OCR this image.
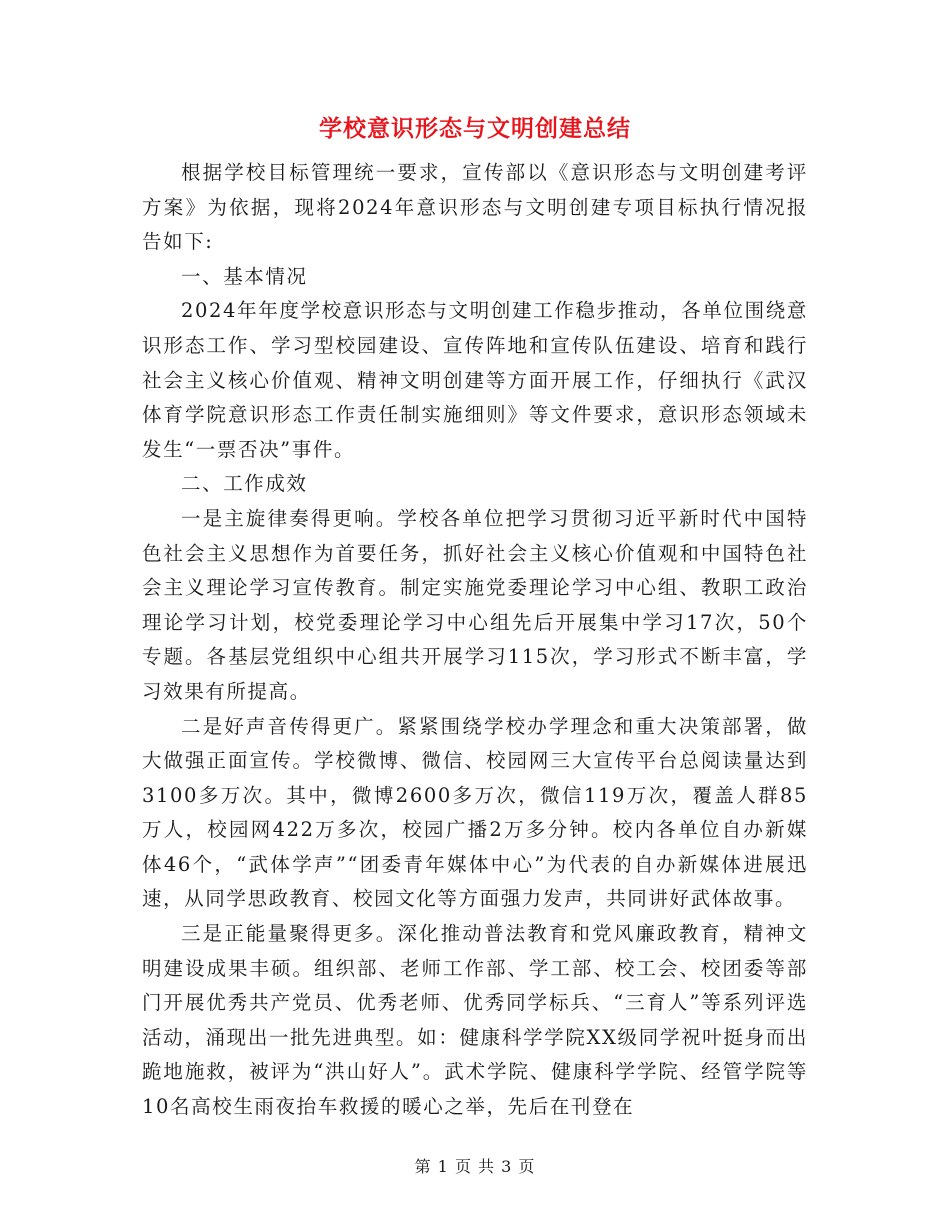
学校意识形态与文明创建总结

根据学校目标管理统一要求，宣传部以《意识形态与文明创建考评方案》为依据，现将2024年意识形态与文明创建专项目标执行情况报告如下:

一、基本情况

2024年年度学校意识形态与文明创建工作稳步推动，各单位围绕意识形态工作、学习型校园建设、宣传阵地和宣传队伍建设、培育和践行社会主义核心价值观、精神文明创建等方面开展工作，仔细执行《武汉体育学院意识形态工作责任制实施细则》等文件要求，意识形态领域未发生“一票否决”事件。

二、工作成效

一是主旋律奏得更响。学校各单位把学习贯彻习近平新时代中国特色社会主义思想作为首要任务，抓好社会主义核心价值观和中国特色社会主义理论学习宣传教育。制定实施党委理论学习中心组、教职工政治理论学习计划，校党委理论学习中心组先后开展集中学习17次，50个专题。各基层党组织中心组共开展学习115次，学习形式不断丰富，学习效果有所提高。

二是好声音传得更广。紧紧围绕学校办学理念和重大决策部署，做大做强正面宣传。学校微博、微信、校园网三大宣传平台总阅读量达到3100多万次。其中，微博2600多万次，微信119万次，覆盖人群85万人，校园网422万多次，校园广播2万多分钟。校内各单位自办新媒体46个，“武体学声”“团委青年媒体中心”为代表的自办新媒体进展迅速，从同学思政教育、校园文化等方面强力发声，共同讲好武体故事。

三是正能量聚得更多。深化推动普法教育和党风廉政教育，精神文明建设成果丰硕。组织部、老师工作部、学工部、校工会、校团委等部门开展优秀共产党员、优秀老师、优秀同学标兵、“三育人”等系列评选活动，涌现出一批先进典型。如：健康科学学院XX级同学祝叶挺身而出跪地施救，被评为“洪山好人”。武术学院、健康科学学院、经管学院等10名高校生雨夜抬车救援的暖心之举，先后在刊登在

第 1 页 共 3 页
